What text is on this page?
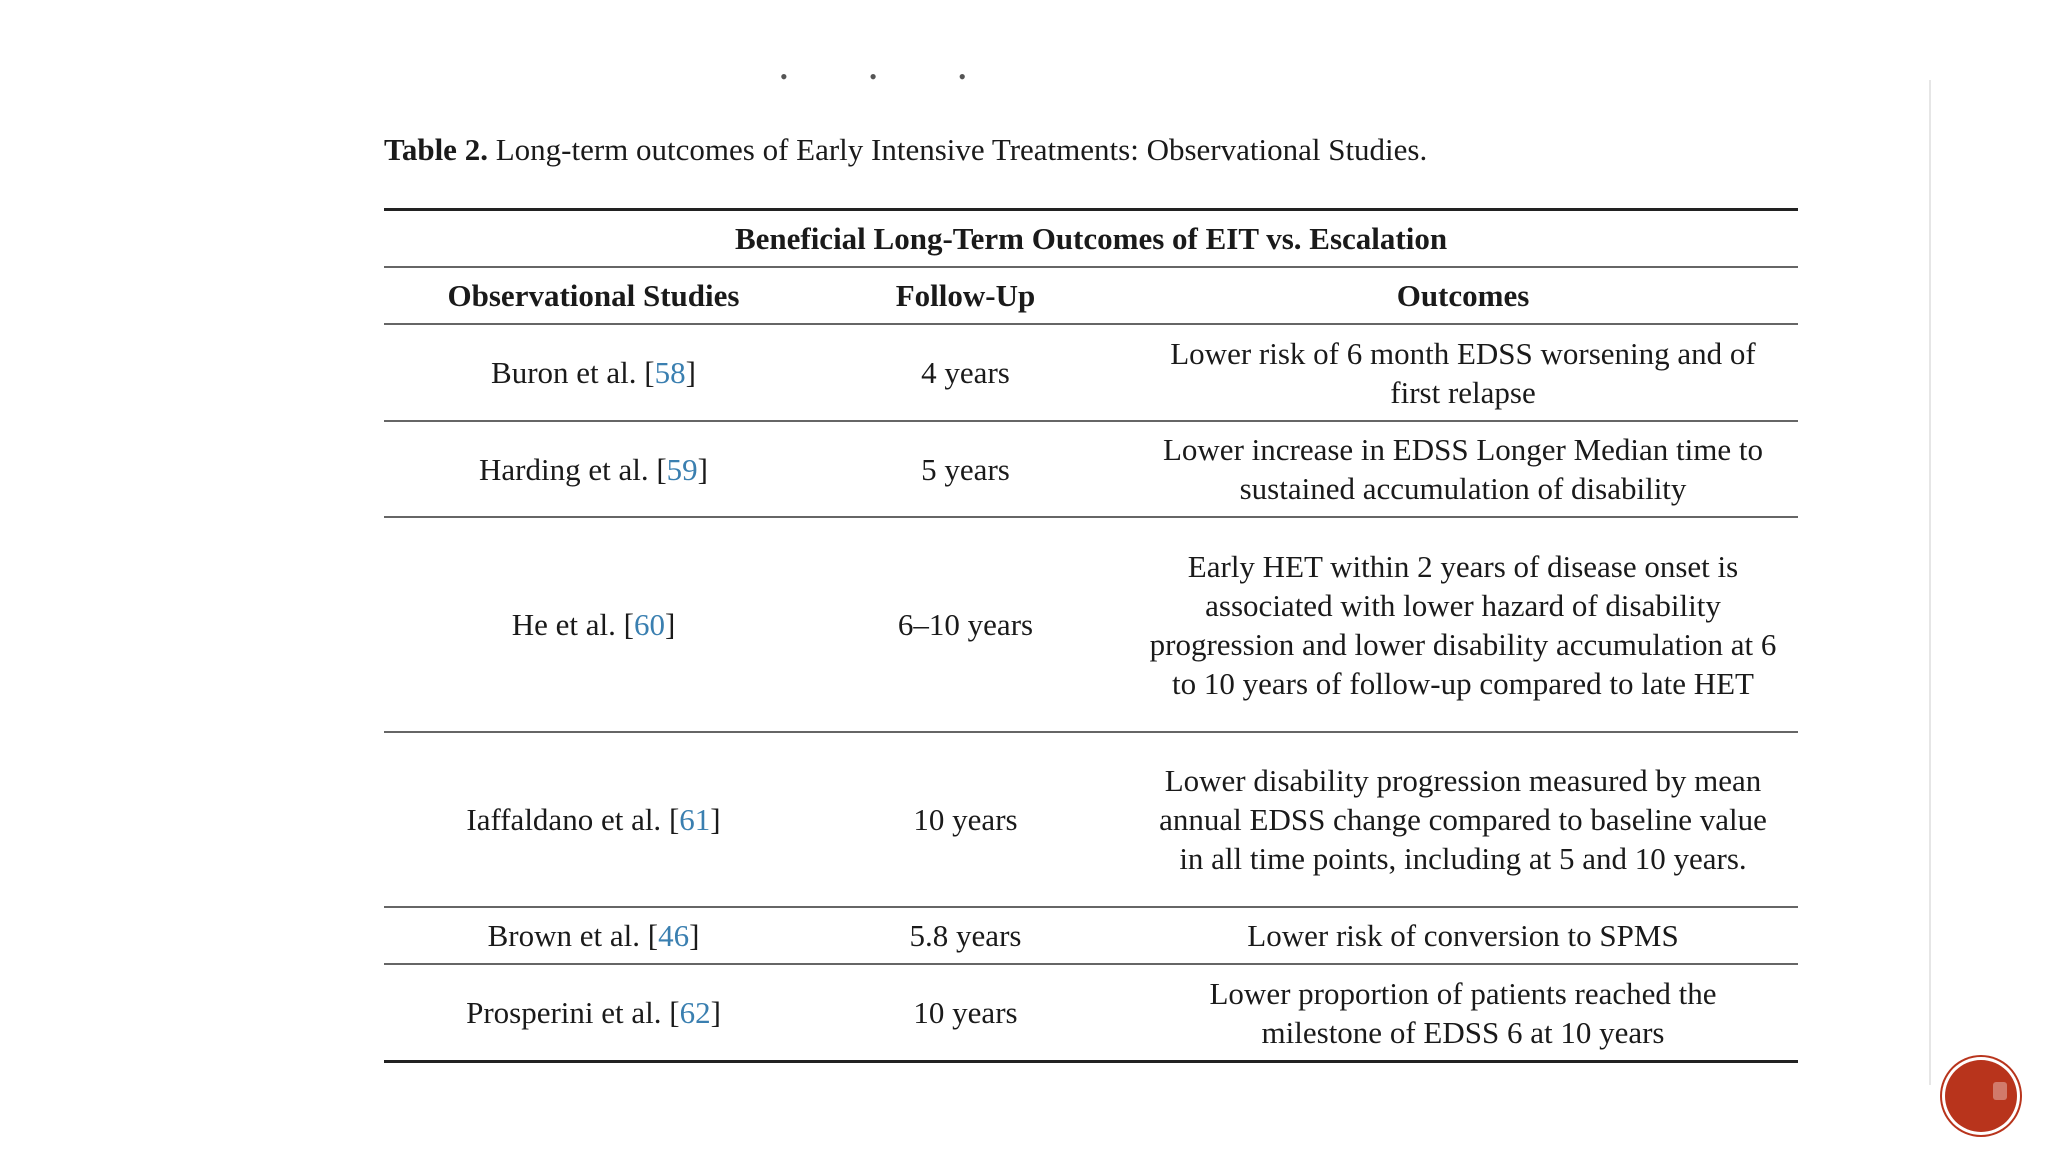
• • •

Table 2. Long-term outcomes of Early Intensive Treatments: Observational Studies.

Beneficial Long-Term Outcomes of EIT vs. Escalation		
Observational Studies	Follow-Up	Outcomes
Buron et al. [58]	4 years	Lower risk of 6 month EDSS worsening and of first relapse
Harding et al. [59]	5 years	Lower increase in EDSS Longer Median time to sustained accumulation of disability
He et al. [60]	6–10 years	Early HET within 2 years of disease onset is associated with lower hazard of disability progression and lower disability accumulation at 6 to 10 years of follow-up compared to late HET
Iaffaldano et al. [61]	10 years	Lower disability progression measured by mean annual EDSS change compared to baseline value in all time points, including at 5 and 10 years.
Brown et al. [46]	5.8 years	Lower risk of conversion to SPMS
Prosperini et al. [62]	10 years	Lower proportion of patients reached the milestone of EDSS 6 at 10 years
